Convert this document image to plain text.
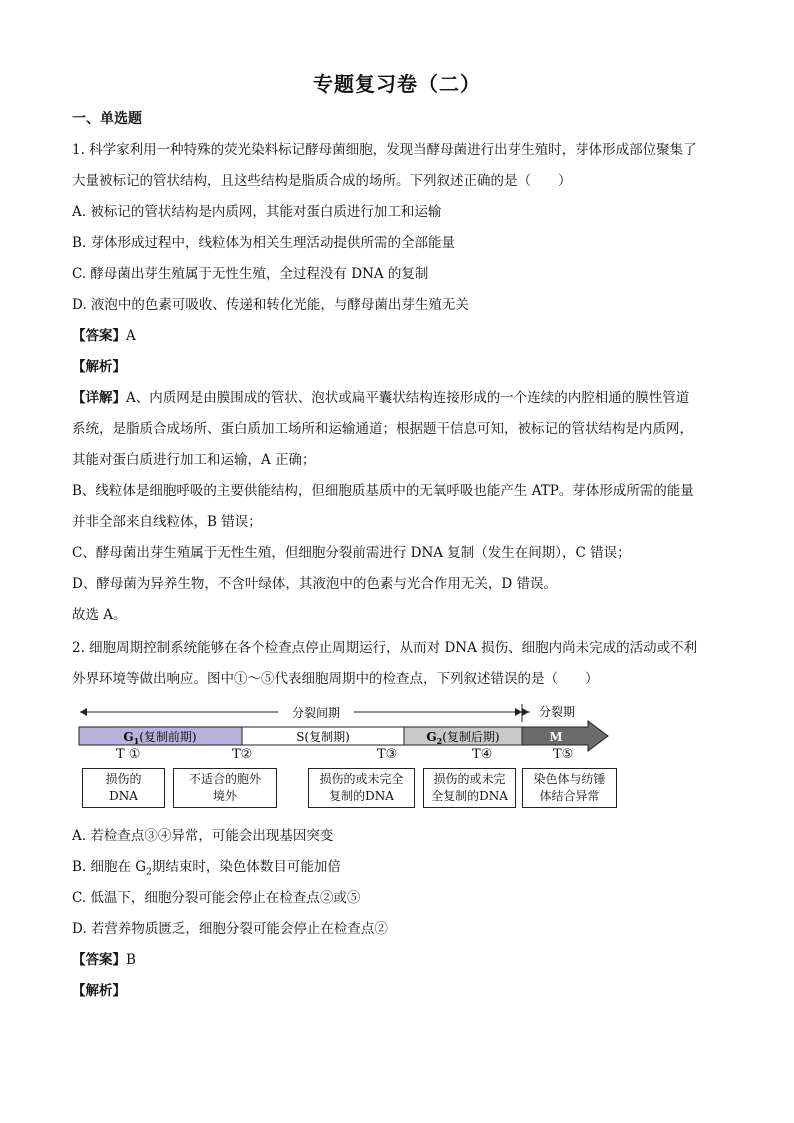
专题复习卷（二）
一、单选题
1. 科学家利用一种特殊的荧光染料标记酵母菌细胞，发现当酵母菌进行出芽生殖时，芽体形成部位聚集了
大量被标记的管状结构，且这些结构是脂质合成的场所。下列叙述正确的是（　　）
A. 被标记的管状结构是内质网，其能对蛋白质进行加工和运输
B. 芽体形成过程中，线粒体为相关生理活动提供所需的全部能量
C. 酵母菌出芽生殖属于无性生殖，全过程没有 DNA 的复制
D. 液泡中的色素可吸收、传递和转化光能，与酵母菌出芽生殖无关
【答案】A
【解析】
【详解】A、内质网是由膜围成的管状、泡状或扁平囊状结构连接形成的一个连续的内腔相通的膜性管道
系统，是脂质合成场所、蛋白质加工场所和运输通道；根据题干信息可知，被标记的管状结构是内质网，
其能对蛋白质进行加工和运输，A 正确；
B、线粒体是细胞呼吸的主要供能结构，但细胞质基质中的无氧呼吸也能产生 ATP。芽体形成所需的能量
并非全部来自线粒体，B 错误；
C、酵母菌出芽生殖属于无性生殖，但细胞分裂前需进行 DNA 复制（发生在间期），C 错误；
D、酵母菌为异养生物，不含叶绿体，其液泡中的色素与光合作用无关，D 错误。
故选 A。
2. 细胞周期控制系统能够在各个检查点停止周期运行，从而对 DNA 损伤、细胞内尚未完成的活动或不利
外界环境等做出响应。图中①～⑤代表细胞周期中的检查点，下列叙述错误的是（　　）
分裂间期	分裂期
$G_1$(复制前期)	S(复制期)	$G_2$(复制后期)	M
T ①	T②	T③	T④	T⑤
损伤的
DNA
不适合的胞外
境外
损伤的或未完全
复制的DNA
损伤的或未完
全复制的DNA
染色体与纺锤
体结合异常
A. 若检查点③④异常，可能会出现基因突变
B. 细胞在 $G_2$期结束时，染色体数目可能加倍
C. 低温下，细胞分裂可能会停止在检查点②或⑤
D. 若营养物质匮乏，细胞分裂可能会停止在检查点②
【答案】B
【解析】
